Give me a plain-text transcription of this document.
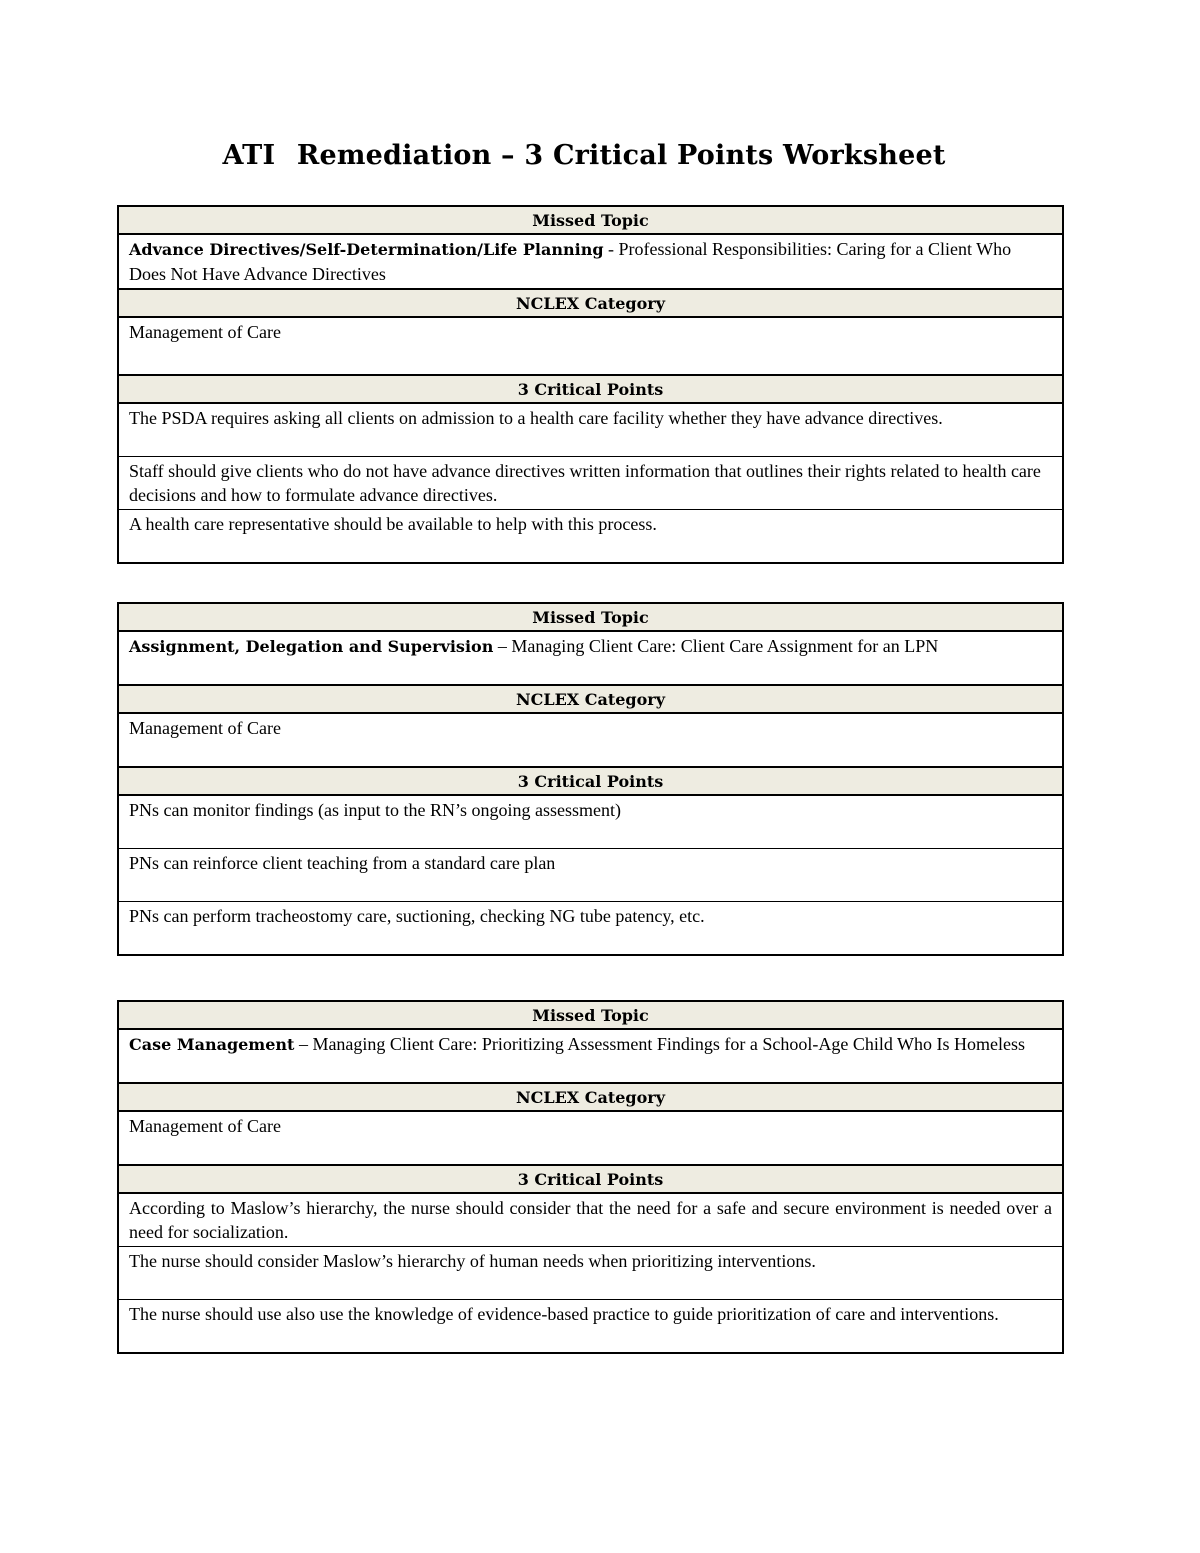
ATI Remediation – 3 Critical Points Worksheet
Missed Topic
Advance Directives/Self-Determination/Life Planning - Professional Responsibilities: Caring for a Client Who Does Not Have Advance Directives
NCLEX Category
Management of Care
3 Critical Points
The PSDA requires asking all clients on admission to a health care facility whether they have advance directives.
Staff should give clients who do not have advance directives written information that outlines their rights related to health care decisions and how to formulate advance directives.
A health care representative should be available to help with this process.
Missed Topic
Assignment, Delegation and Supervision – Managing Client Care: Client Care Assignment for an LPN
NCLEX Category
Management of Care
3 Critical Points
PNs can monitor findings (as input to the RN’s ongoing assessment)
PNs can reinforce client teaching from a standard care plan
PNs can perform tracheostomy care, suctioning, checking NG tube patency, etc.
Missed Topic
Case Management – Managing Client Care: Prioritizing Assessment Findings for a School-Age Child Who Is Homeless
NCLEX Category
Management of Care
3 Critical Points
According to Maslow’s hierarchy, the nurse should consider that the need for a safe and secure environment is needed over a need for socialization.
The nurse should consider Maslow’s hierarchy of human needs when prioritizing interventions.
The nurse should use also use the knowledge of evidence-based practice to guide prioritization of care and interventions.
